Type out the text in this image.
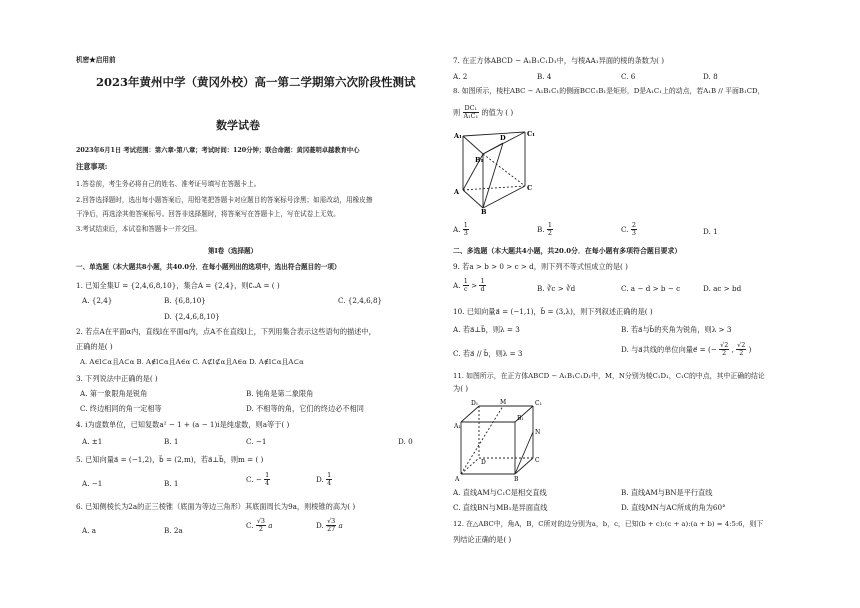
机密★启用前
2023年黄州中学（黄冈外校）高一第二学期第六次阶段性测试
数学试卷
2023年6月1日 考试范围：第六章-第八章；考试时间：120分钟；联合命题：黄冈菱明卓越教育中心
注意事项:
1.答卷前，考生务必将自己的姓名、准考证号填写在答题卡上。
2.回答选择题时，选出每小题答案后，用铅笔把答题卡对应题目的答案标号涂黑；如需改动，用橡皮擦
干净后，再选涂其他答案标号。回答非选择题时，将答案写在答题卡上，写在试卷上无效。
3.考试结束后，本试卷和答题卡一并交回。
第I卷（选择题）
一、单选题（本大题共8小题，共40.0分．在每小题列出的选项中，选出符合题目的一项）
1. 已知全集U = {2,4,6,8,10}，集合A = {2,4}，则∁ᵤA = ( )
A. {2,4}	B. {6,8,10}	C. {2,4,6,8}
D. {2,4,6,8,10}
2. 若点A在平面α内，直线l在平面α内，点A不在直线l上，下列用集合表示这些语句的描述中，
正确的是( )
A. A∈l⊂α且A⊂α B. A∉l⊂α且A∈α C. A⊄l⊄α且A∈α D. A∉l⊂α且A⊂α
3. 下列说法中正确的是( )
A. 第一象限角是锐角	B. 钝角是第二象限角
C. 终边相同的角一定相等	D. 不相等的角，它们的终边必不相同
4. i为虚数单位，已知复数a² − 1 + (a − 1)i是纯虚数，则a等于( )
A. ±1	B. 1	C. −1	D. 0
5. 已知向量a⃗ = (−1,2)，b⃗ = (2,m)，若a⃗⊥b⃗，则m = ( )
A. −1	B. 1	C. − $\frac{1}{4}$	D. $\frac{1}{4}$
6. 已知侧棱长为2a的正三棱锥（底面为等边三角形）其底面周长为9a，则棱锥的高为( )
A. a	B. 2a
C. $\frac{√3}{2}$ a	D. $\frac{√3}{27}$ a
7. 在正方体ABCD − A₁B₁C₁D₁中，与棱AA₁异面的棱的条数为( )
A. 2	B. 4	C. 6	D. 8
8. 如图所示，棱柱ABC − A₁B₁C₁的侧面BCC₁B₁是矩形，D是A₁C₁上的动点，若A₁B // 平面B₁CD，
则 $\frac{\text{DC₁}}{\text{A₁C₁}}$ 的值为 ( )
A₁
B₁
C₁
D
A
B
C
A. $\frac{1}{3}$	B. $\frac{1}{2}$	C. $\frac{2}{3}$	D. 1
二、多选题（本大题共4小题，共20.0分．在每小题有多项符合题目要求）
9. 若a > b > 0 > c > d，则下列不等式恒成立的是( )
A. $\frac{1}{c} > \frac{1}{d}$	B. ∛c > ∛d	C. a − d > b − c	D. ac > bd
10. 已知向量a⃗ = (−1,1)，b⃗ = (3,λ)，则下列叙述正确的是( )
A. 若a⃗⊥b⃗，则λ = 3	B. 若a⃗与b⃗的夹角为锐角，则λ > 3
C. 若a⃗ // b⃗，则λ = 3	D. 与a⃗共线的单位向量e⃗ = (− $\frac{√2}{2}$ , $\frac{√2}{2}$ )
11. 如图所示，在正方体ABCD − A₁B₁C₁D₁中，M，N分别为棱C₁D₁，C₁C的中点，其中正确的结论
为( )
D₁	M	C₁
A₁
B₁
N
D	C
A	B
A. 直线AM与C₁C是相交直线	B. 直线AM与BN是平行直线
C. 直线BN与MB₁是异面直线	D. 直线MN与AC所成的角为60°
12. 在△ABC中，角A，B，C所对的边分别为a，b，c，已知(b + c):(c + a):(a + b) = 4:5:6，则下
列结论正确的是( )
